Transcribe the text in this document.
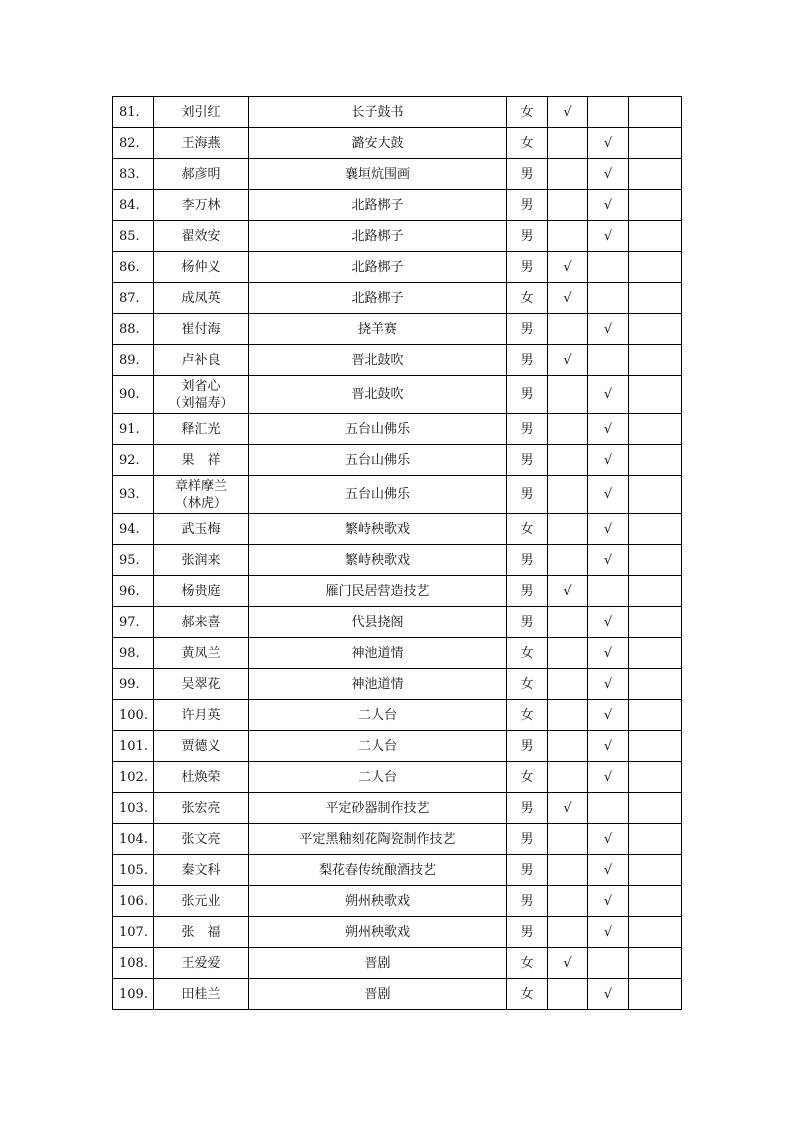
81.	刘引红	长子鼓书	女	√		
82.	王海燕	潞安大鼓	女		√	
83.	郝彦明	襄垣炕围画	男		√	
84.	李万林	北路梆子	男		√	
85.	翟效安	北路梆子	男		√	
86.	杨仲义	北路梆子	男	√		
87.	成凤英	北路梆子	女	√		
88.	崔付海	挠羊赛	男		√	
89.	卢补良	晋北鼓吹	男	√		
90.	刘省心
（刘福寿）	晋北鼓吹	男		√	
91.	释汇光	五台山佛乐	男		√	
92.	果　祥	五台山佛乐	男		√	
93.	章样摩兰
（林虎）	五台山佛乐	男		√	
94.	武玉梅	繁峙秧歌戏	女		√	
95.	张润来	繁峙秧歌戏	男		√	
96.	杨贵庭	雁门民居营造技艺	男	√		
97.	郝来喜	代县挠阁	男		√	
98.	黄凤兰	神池道情	女		√	
99.	吴翠花	神池道情	女		√	
100.	许月英	二人台	女		√	
101.	贾德义	二人台	男		√	
102.	杜焕荣	二人台	女		√	
103.	张宏亮	平定砂器制作技艺	男	√		
104.	张文亮	平定黑釉刻花陶瓷制作技艺	男		√	
105.	秦文科	梨花春传统酿酒技艺	男		√	
106.	张元业	朔州秧歌戏	男		√	
107.	张　福	朔州秧歌戏	男		√	
108.	王爱爱	晋剧	女	√		
109.	田桂兰	晋剧	女		√	
